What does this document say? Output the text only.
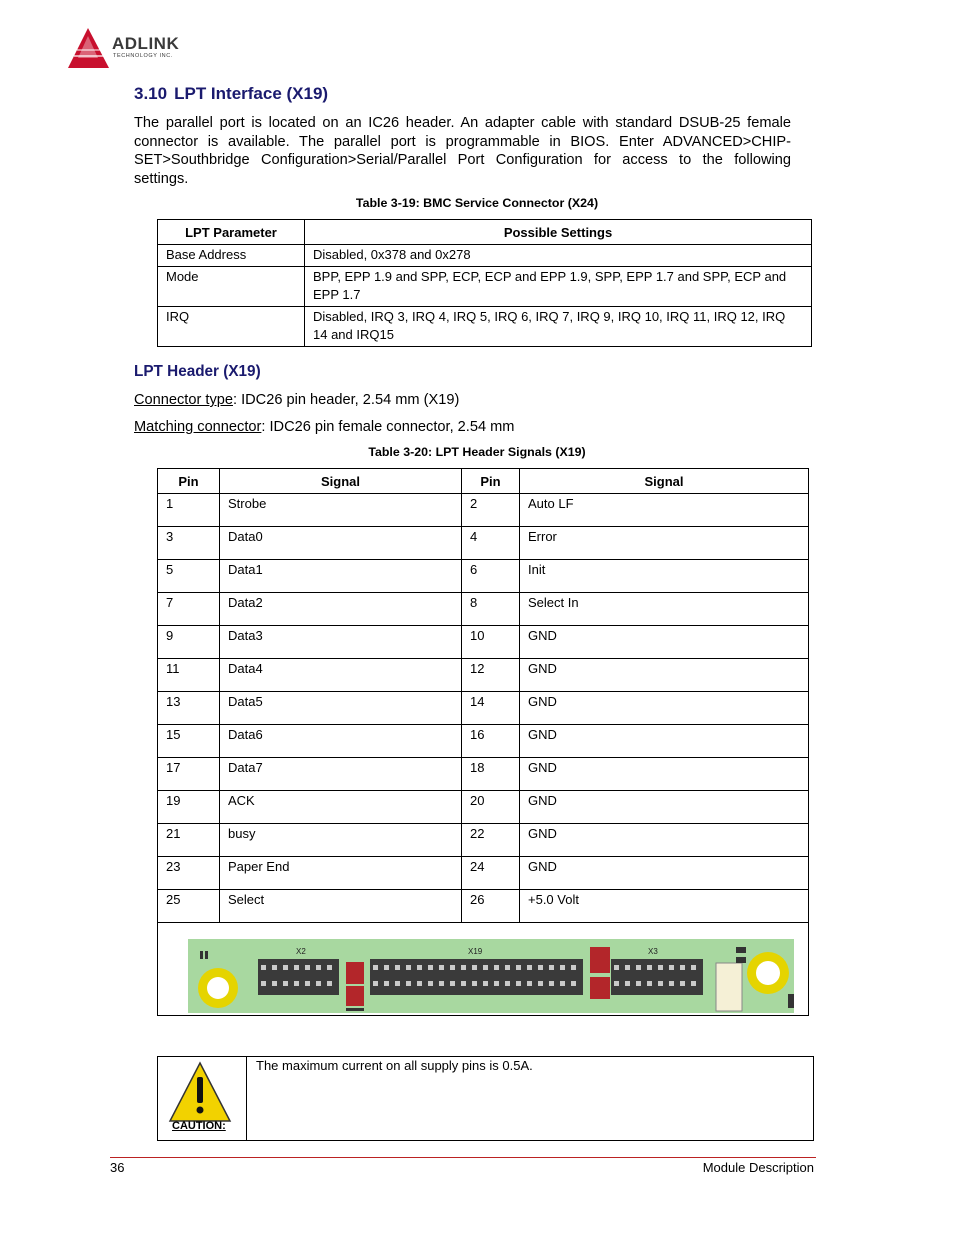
ADLINK
TECHNOLOGY INC.
3.10 LPT Interface (X19)

The parallel port is located on an IC26 header. An adapter cable with standard DSUB-25 female connector is available. The parallel port is programmable in BIOS. Enter ADVANCED>CHIP-SET>Southbridge Configuration>Serial/Parallel Port Configuration for access to the following settings.

Table 3-19: BMC Service Connector (X24)

LPT Parameter	Possible Settings
Base Address	Disabled, 0x378 and 0x278
Mode	BPP, EPP 1.9 and SPP, ECP, ECP and EPP 1.9, SPP, EPP 1.7 and SPP, ECP and EPP 1.7
IRQ	Disabled, IRQ 3, IRQ 4, IRQ 5, IRQ 6, IRQ 7, IRQ 9, IRQ 10, IRQ 11, IRQ 12, IRQ 14 and IRQ15
LPT Header (X19)

Connector type: IDC26 pin header, 2.54 mm (X19)

Matching connector: IDC26 pin female connector, 2.54 mm

Table 3-20: LPT Header Signals (X19)

Pin	Signal	Pin	Signal
1	Strobe	2	Auto LF
3	Data0	4	Error
5	Data1	6	Init
7	Data2	8	Select In
9	Data3	10	GND
11	Data4	12	GND
13	Data5	14	GND
15	Data6	16	GND
17	Data7	18	GND
19	ACK	20	GND
21	busy	22	GND
23	Paper End	24	GND
25	Select	26	+5.0 Volt

X2 X19 X3			
CAUTION:
The maximum current on all supply pins is 0.5A.
36	Module Description
